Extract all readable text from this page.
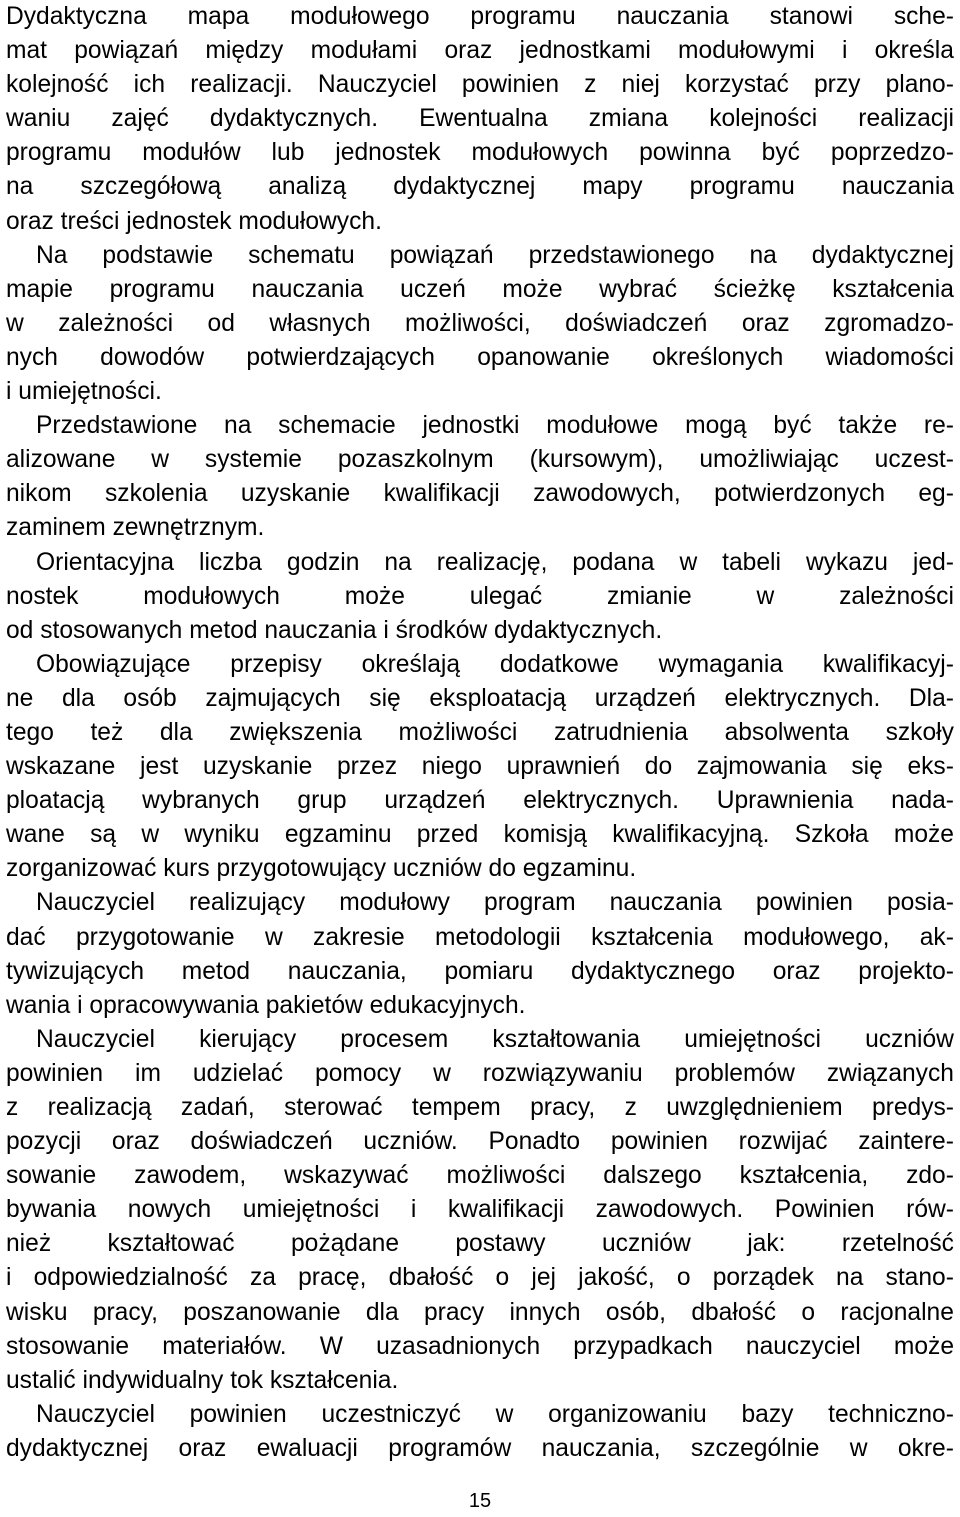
Dydaktyczna mapa modułowego programu nauczania stanowi sche-
mat powiązań między modułami oraz jednostkami modułowymi i określa
kolejność ich realizacji. Nauczyciel powinien z niej korzystać przy plano-
waniu zajęć dydaktycznych. Ewentualna zmiana kolejności realizacji
programu modułów lub jednostek modułowych powinna być poprzedzo-
na szczegółową analizą dydaktycznej mapy programu nauczania
oraz treści jednostek modułowych.
Na podstawie schematu powiązań przedstawionego na dydaktycznej
mapie programu nauczania uczeń może wybrać ścieżkę kształcenia
w zależności od własnych możliwości, doświadczeń oraz zgromadzo-
nych dowodów potwierdzających opanowanie określonych wiadomości
i umiejętności.
Przedstawione na schemacie jednostki modułowe mogą być także re-
alizowane w systemie pozaszkolnym (kursowym), umożliwiając uczest-
nikom szkolenia uzyskanie kwalifikacji zawodowych, potwierdzonych eg-
zaminem zewnętrznym.
Orientacyjna liczba godzin na realizację, podana w tabeli wykazu jed-
nostek	modułowych	może	ulegać	zmianie	w	zależności
od stosowanych metod nauczania i środków dydaktycznych.
Obowiązujące przepisy określają dodatkowe wymagania kwalifikacyj-
ne dla osób zajmujących się eksploatacją urządzeń elektrycznych. Dla-
tego też dla zwiększenia możliwości zatrudnienia absolwenta szkoły
wskazane jest uzyskanie przez niego uprawnień do zajmowania się eks-
ploatacją wybranych grup urządzeń elektrycznych. Uprawnienia nada-
wane są w wyniku egzaminu przed komisją kwalifikacyjną. Szkoła może
zorganizować kurs przygotowujący uczniów do egzaminu.
Nauczyciel realizujący modułowy program nauczania powinien posia-
dać przygotowanie w zakresie metodologii kształcenia modułowego, ak-
tywizujących metod nauczania, pomiaru dydaktycznego oraz projekto-
wania i opracowywania pakietów edukacyjnych.
Nauczyciel kierujący procesem kształtowania umiejętności uczniów
powinien im udzielać pomocy w rozwiązywaniu problemów związanych
z realizacją zadań, sterować tempem pracy, z uwzględnieniem predys-
pozycji oraz doświadczeń uczniów. Ponadto powinien rozwijać zaintere-
sowanie zawodem, wskazywać możliwości dalszego kształcenia, zdo-
bywania nowych umiejętności i kwalifikacji zawodowych. Powinien rów-
nież kształtować pożądane postawy uczniów jak: rzetelność
i odpowiedzialność za pracę, dbałość o jej jakość, o porządek na stano-
wisku pracy, poszanowanie dla pracy innych osób, dbałość o racjonalne
stosowanie materiałów. W uzasadnionych przypadkach nauczyciel może
ustalić indywidualny tok kształcenia.
Nauczyciel powinien uczestniczyć w organizowaniu bazy techniczno-
dydaktycznej oraz ewaluacji programów nauczania, szczególnie w okre-
15
